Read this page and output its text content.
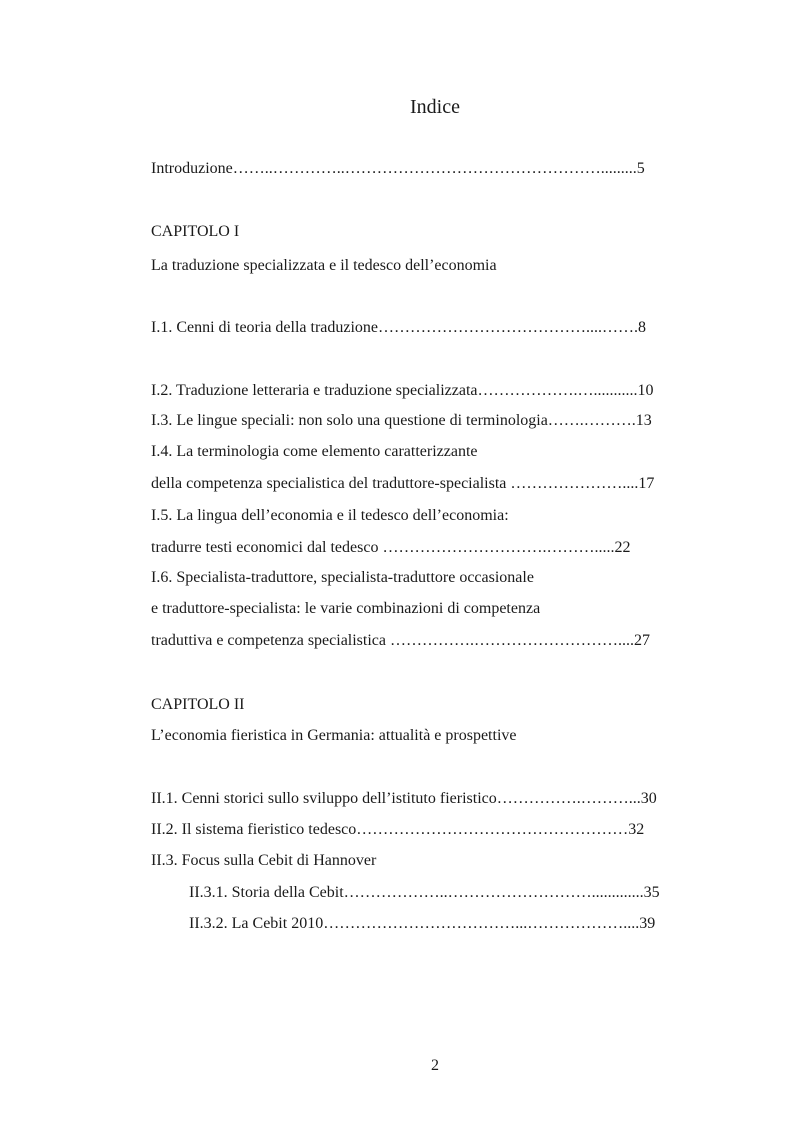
Indice
Introduzione……..…………..………………………………………….........5
CAPITOLO I
La traduzione specializzata e il tedesco dell’economia
I.1. Cenni di teoria della traduzione…………………………………....…….8
I.2. Traduzione letteraria e traduzione specializzata……………….…...........10
I.3. Le lingue speciali: non solo una questione di terminologia…….……….13
I.4. La terminologia come elemento caratterizzante
della competenza specialistica del traduttore-specialista …………………....17
I.5. La lingua dell’economia e il tedesco dell’economia:
tradurre testi economici dal tedesco ………………………….……….....22
I.6. Specialista-traduttore, specialista-traduttore occasionale
e traduttore-specialista: le varie combinazioni di competenza
traduttiva e competenza specialistica …………….………………………....27
CAPITOLO II
L’economia fieristica in Germania: attualità e prospettive
II.1. Cenni storici sullo sviluppo dell’istituto fieristico…………….………...30
II.2. Il sistema fieristico tedesco……………………………………………32
II.3. Focus sulla Cebit di Hannover
II.3.1. Storia della Cebit………………..……………………….............35
II.3.2. La Cebit 2010………………………………...………………....39
2
